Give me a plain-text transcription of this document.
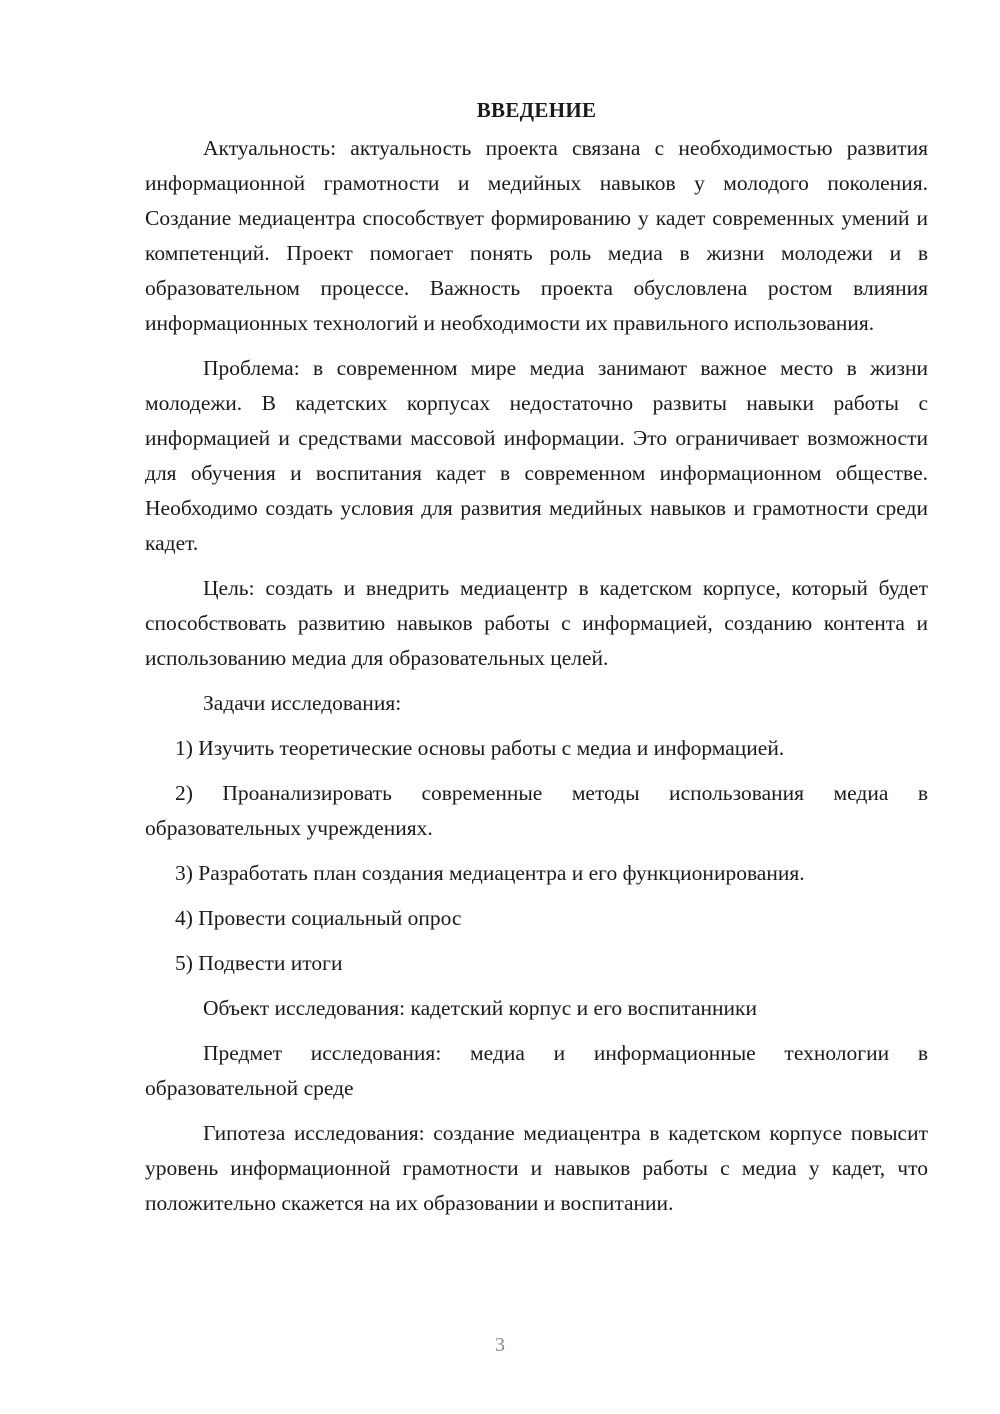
ВВЕДЕНИЕ

Актуальность: актуальность проекта связана с необходимостью развития информационной грамотности и медийных навыков у молодого поколения. Создание медиацентра способствует формированию у кадет современных умений и компетенций. Проект помогает понять роль медиа в жизни молодежи и в образовательном процессе. Важность проекта обусловлена ростом влияния информационных технологий и необходимости их правильного использования.

Проблема: в современном мире медиа занимают важное место в жизни молодежи. В кадетских корпусах недостаточно развиты навыки работы с информацией и средствами массовой информации. Это ограничивает возможности для обучения и воспитания кадет в современном информационном обществе. Необходимо создать условия для развития медийных навыков и грамотности среди кадет.

Цель: создать и внедрить медиацентр в кадетском корпусе, который будет способствовать развитию навыков работы с информацией, созданию контента и использованию медиа для образовательных целей.

Задачи исследования:

1) Изучить теоретические основы работы с медиа и информацией.

2) Проанализировать современные методы использования медиа в образовательных учреждениях.

3) Разработать план создания медиацентра и его функционирования.

4) Провести социальный опрос

5) Подвести итоги

Объект исследования: кадетский корпус и его воспитанники

Предмет исследования: медиа и информационные технологии в образовательной среде

Гипотеза исследования: создание медиацентра в кадетском корпусе повысит уровень информационной грамотности и навыков работы с медиа у кадет, что положительно скажется на их образовании и воспитании.

3
